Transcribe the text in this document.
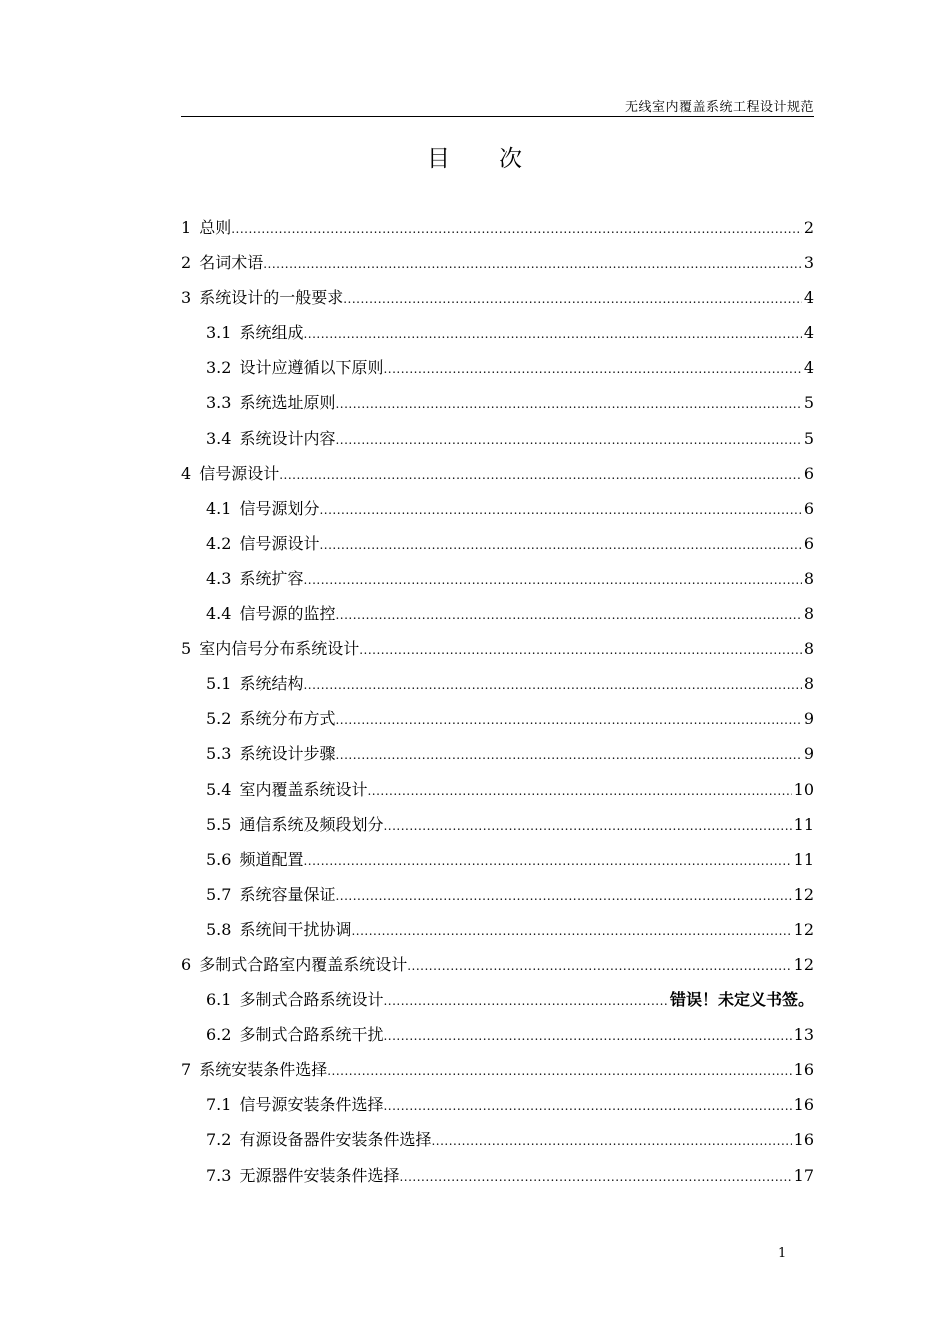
无线室内覆盖系统工程设计规范
目　　次
1 总则 .....	2
2 名词术语 .....	3
3 系统设计的一般要求 .....	4
3.1 系统组成 .....	4
3.2 设计应遵循以下原则 .....	4
3.3 系统选址原则 .....	5
3.4 系统设计内容 .....	5
4 信号源设计 .....	6
4.1 信号源划分 .....	6
4.2 信号源设计 .....	6
4.3 系统扩容 .....	8
4.4 信号源的监控 .....	8
5 室内信号分布系统设计 .....	8
5.1 系统结构 .....	8
5.2 系统分布方式 .....	9
5.3 系统设计步骤 .....	9
5.4 室内覆盖系统设计 .....	10
5.5 通信系统及频段划分 .....	11
5.6 频道配置 .....	11
5.7 系统容量保证 .....	12
5.8 系统间干扰协调 .....	12
6 多制式合路室内覆盖系统设计 .....	12
6.1 多制式合路系统设计 .....	错误！未定义书签。
6.2 多制式合路系统干扰 .....	13
7 系统安装条件选择 .....	16
7.1 信号源安装条件选择 .....	16
7.2 有源设备器件安装条件选择 .....	16
7.3 无源器件安装条件选择 .....	17
1
